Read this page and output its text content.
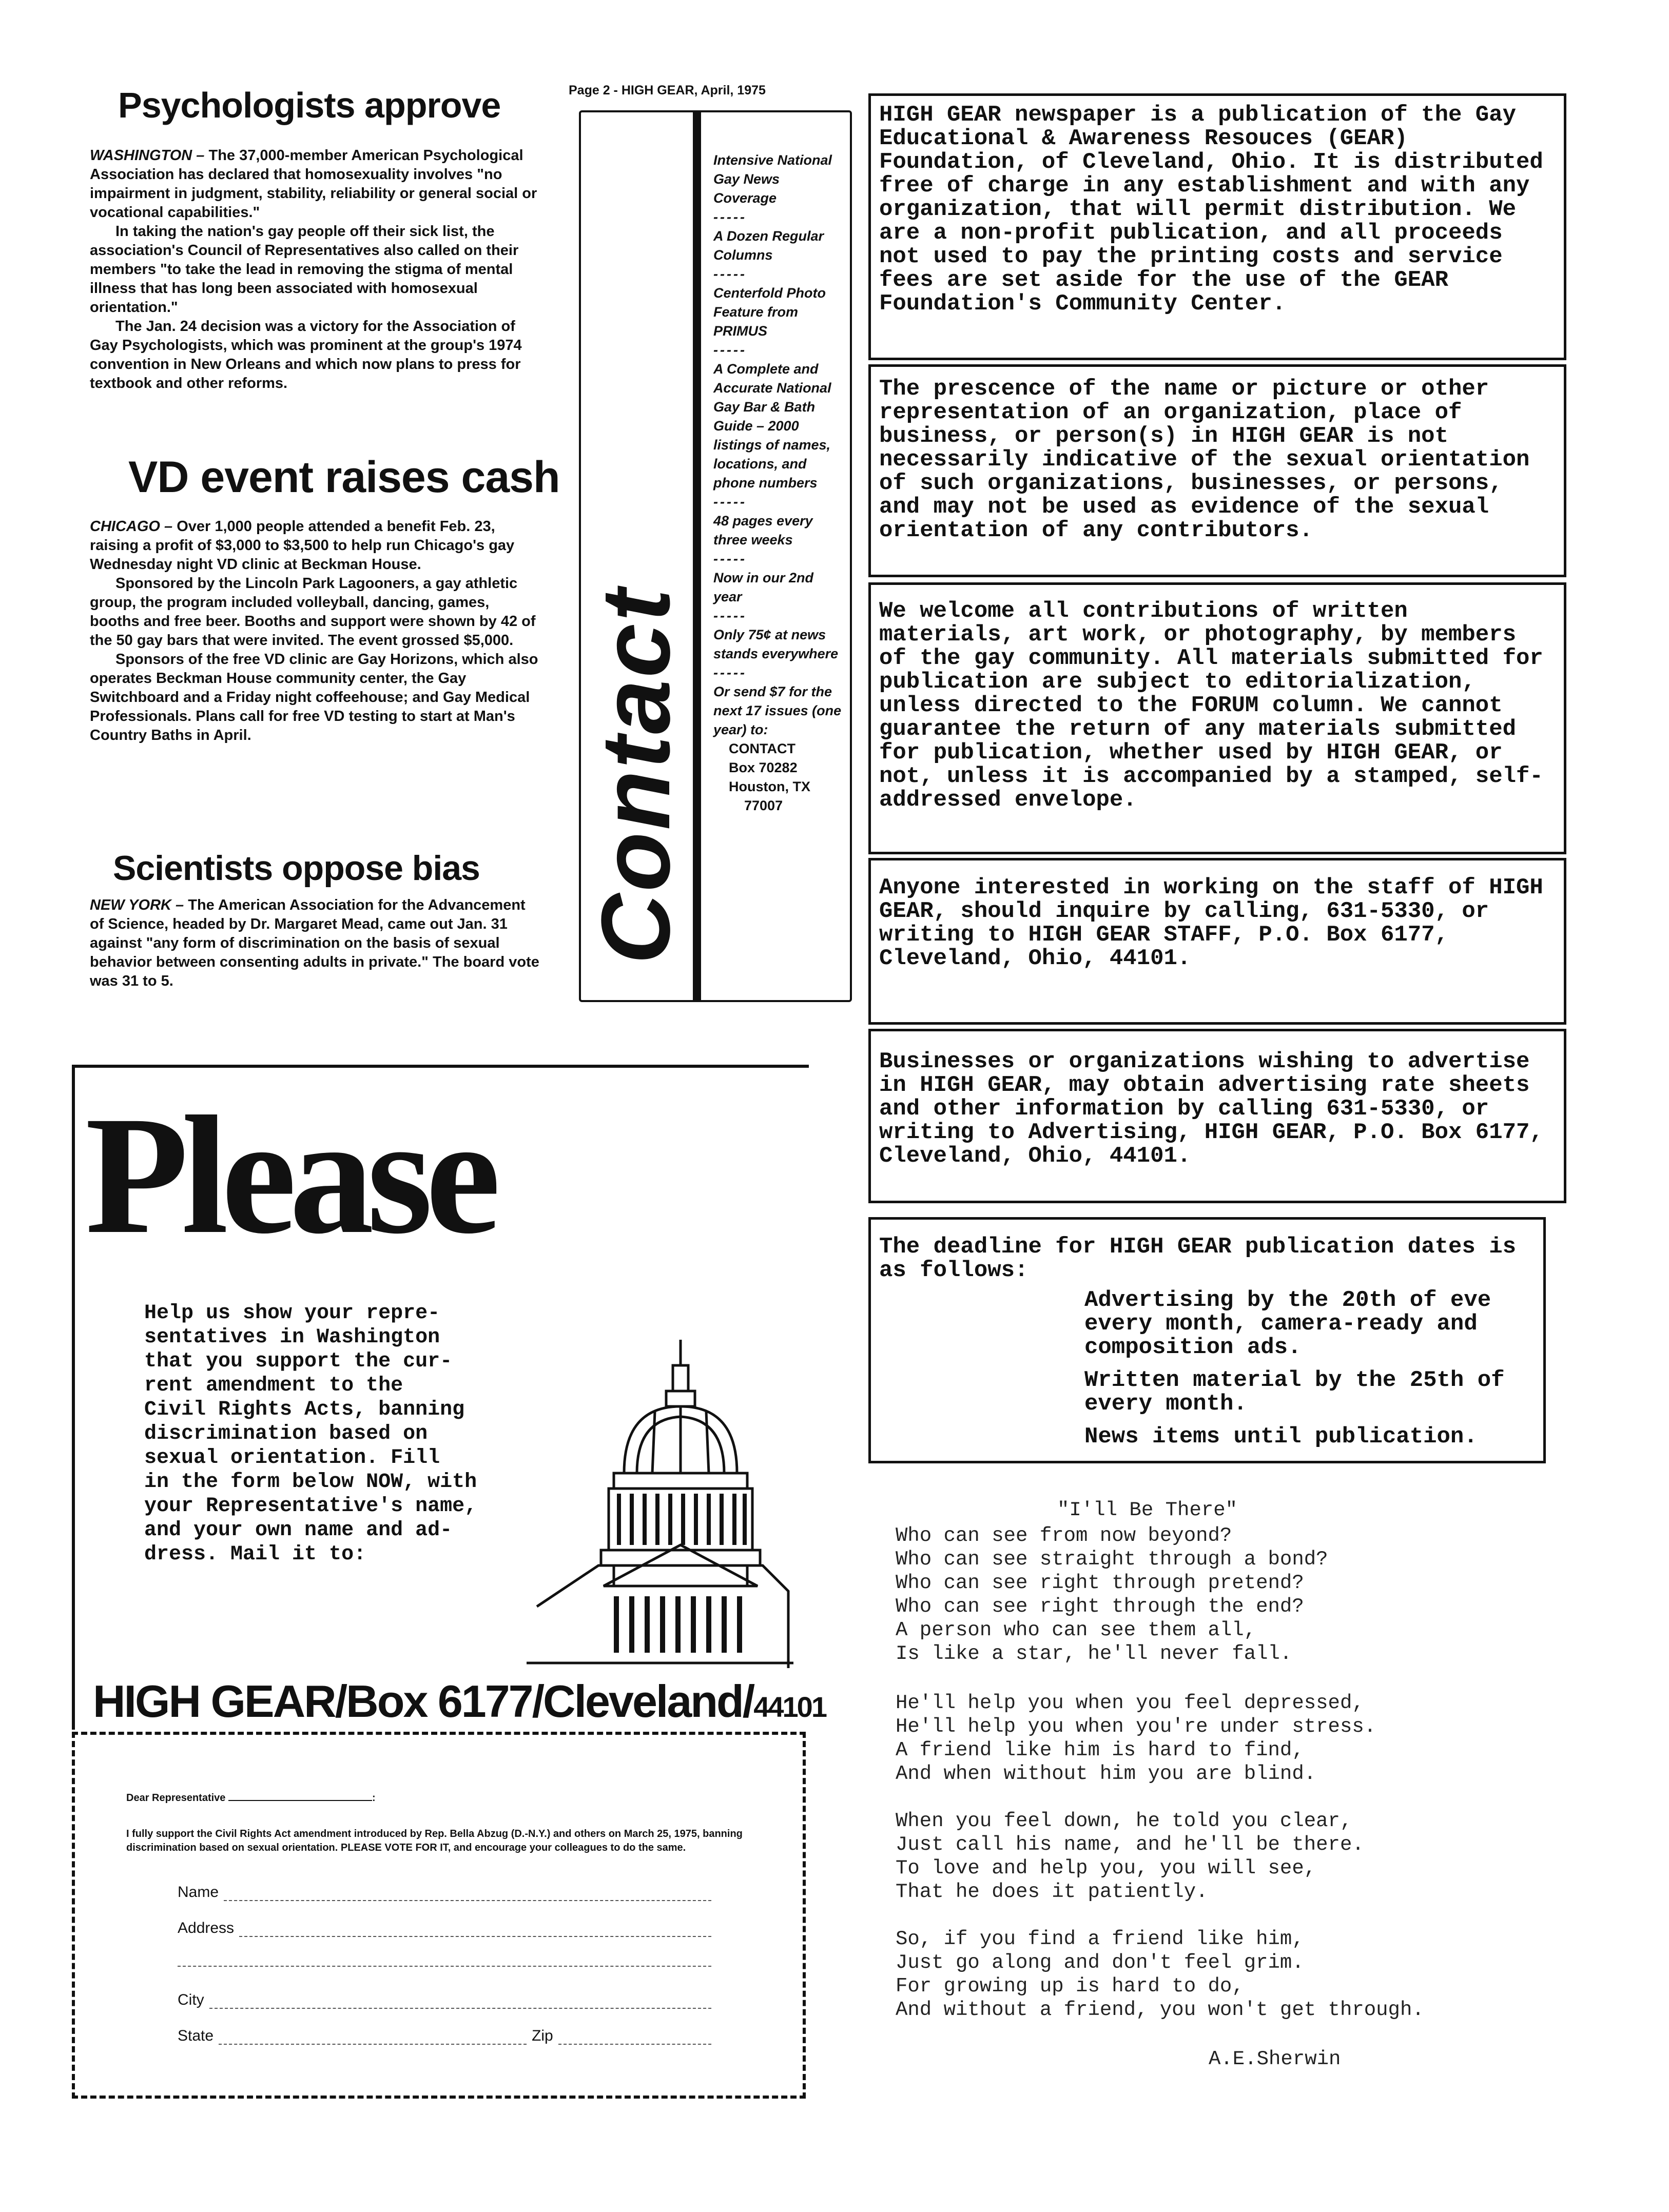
Page 2 - HIGH GEAR, April, 1975
Psychologists approve

WASHINGTON – The 37,000-member American Psychological Association has declared that homosexuality involves "no impairment in judgment, stability, reliability or general social or vocational capabilities."

In taking the nation's gay people off their sick list, the association's Council of Representatives also called on their members "to take the lead in removing the stigma of mental illness that has long been associated with homosexual orientation."

The Jan. 24 decision was a victory for the Association of Gay Psychologists, which was prominent at the group's 1974 convention in New Orleans and which now plans to press for textbook and other reforms.

VD event raises cash

CHICAGO – Over 1,000 people attended a benefit Feb. 23, raising a profit of $3,000 to $3,500 to help run Chicago's gay Wednesday night VD clinic at Beckman House.

Sponsored by the Lincoln Park Lagooners, a gay athletic group, the program included volleyball, dancing, games, booths and free beer. Booths and support were shown by 42 of the 50 gay bars that were invited. The event grossed $5,000.

Sponsors of the free VD clinic are Gay Horizons, which also operates Beckman House community center, the Gay Switchboard and a Friday night coffeehouse; and Gay Medical Professionals. Plans call for free VD testing to start at Man's Country Baths in April.

Scientists oppose bias

NEW YORK – The American Association for the Advancement of Science, headed by Dr. Margaret Mead, came out Jan. 31 against "any form of discrimination on the basis of sexual behavior between consenting adults in private." The board vote was 31 to 5.

Contact

Intensive National Gay News Coverage

-----

A Dozen Regular Columns

-----

Centerfold Photo Feature from PRIMUS

-----

A Complete and Accurate National Gay Bar & Bath Guide – 2000 listings of names, locations, and phone numbers

-----

48 pages every three weeks

-----

Now in our 2nd year

-----

Only 75¢ at news stands everywhere

-----

Or send $7 for the next 17 issues (one year) to:

CONTACT
Box 70282
Houston, TX
77007

HIGH GEAR newspaper is a publication of the Gay Educational & Awareness Resouces (GEAR) Foundation, of Cleveland, Ohio. It is distributed free of charge in any establishment and with any organization, that will permit distribution. We are a non-profit publication, and all proceeds not used to pay the printing costs and service fees are set aside for the use of the GEAR Foundation's Community Center.

The prescence of the name or picture or other representation of an organization, place of business, or person(s) in HIGH GEAR is not necessarily indicative of the sexual orientation of such organizations, businesses, or persons, and may not be used as evidence of the sexual orientation of any contributors.

We welcome all contributions of written materials, art work, or photography, by members of the gay community. All materials submitted for publication are subject to editorialization, unless directed to the FORUM column. We cannot guarantee the return of any materials submitted for publication, whether used by HIGH GEAR, or not, unless it is accompanied by a stamped, self-addressed envelope.

Anyone interested in working on the staff of HIGH GEAR, should inquire by calling, 631-5330, or writing to HIGH GEAR STAFF, P.O. Box 6177, Cleveland, Ohio, 44101.

Businesses or organizations wishing to advertise in HIGH GEAR, may obtain advertising rate sheets and other information by calling 631-5330, or writing to Advertising, HIGH GEAR, P.O. Box 6177, Cleveland, Ohio, 44101.

The deadline for HIGH GEAR publication dates is as follows:

Advertising by the 20th of eve every month, camera-ready and composition ads.

Written material by the 25th of every month.

News items until publication.

Please
Help us show your repre-
sentatives in Washington
that you support the cur-
rent amendment to the
Civil Rights Acts, banning
discrimination based on
sexual orientation. Fill
in the form below NOW, with
your Representative's name,
and your own name and ad-
dress. Mail it to:
HIGH GEAR/Box 6177/Cleveland/44101
Dear Representative	:
I fully support the Civil Rights Act amendment introduced by Rep. Bella Abzug (D.-N.Y.) and others on March 25, 1975, banning discrimination based on sexual orientation. PLEASE VOTE FOR IT, and encourage your colleagues to do the same.
Name
Address
City
State	Zip
"I'll Be There"
Who can see from now beyond?
Who can see straight through a bond?
Who can see right through pretend?
Who can see right through the end?
A person who can see them all,
Is like a star, he'll never fall.
He'll help you when you feel depressed,
He'll help you when you're under stress.
A friend like him is hard to find,
And when without him you are blind.
When you feel down, he told you clear,
Just call his name, and he'll be there.
To love and help you, you will see,
That he does it patiently.
So, if you find a friend like him,
Just go along and don't feel grim.
For growing up is hard to do,
And without a friend, you won't get through.
A.E.Sherwin
